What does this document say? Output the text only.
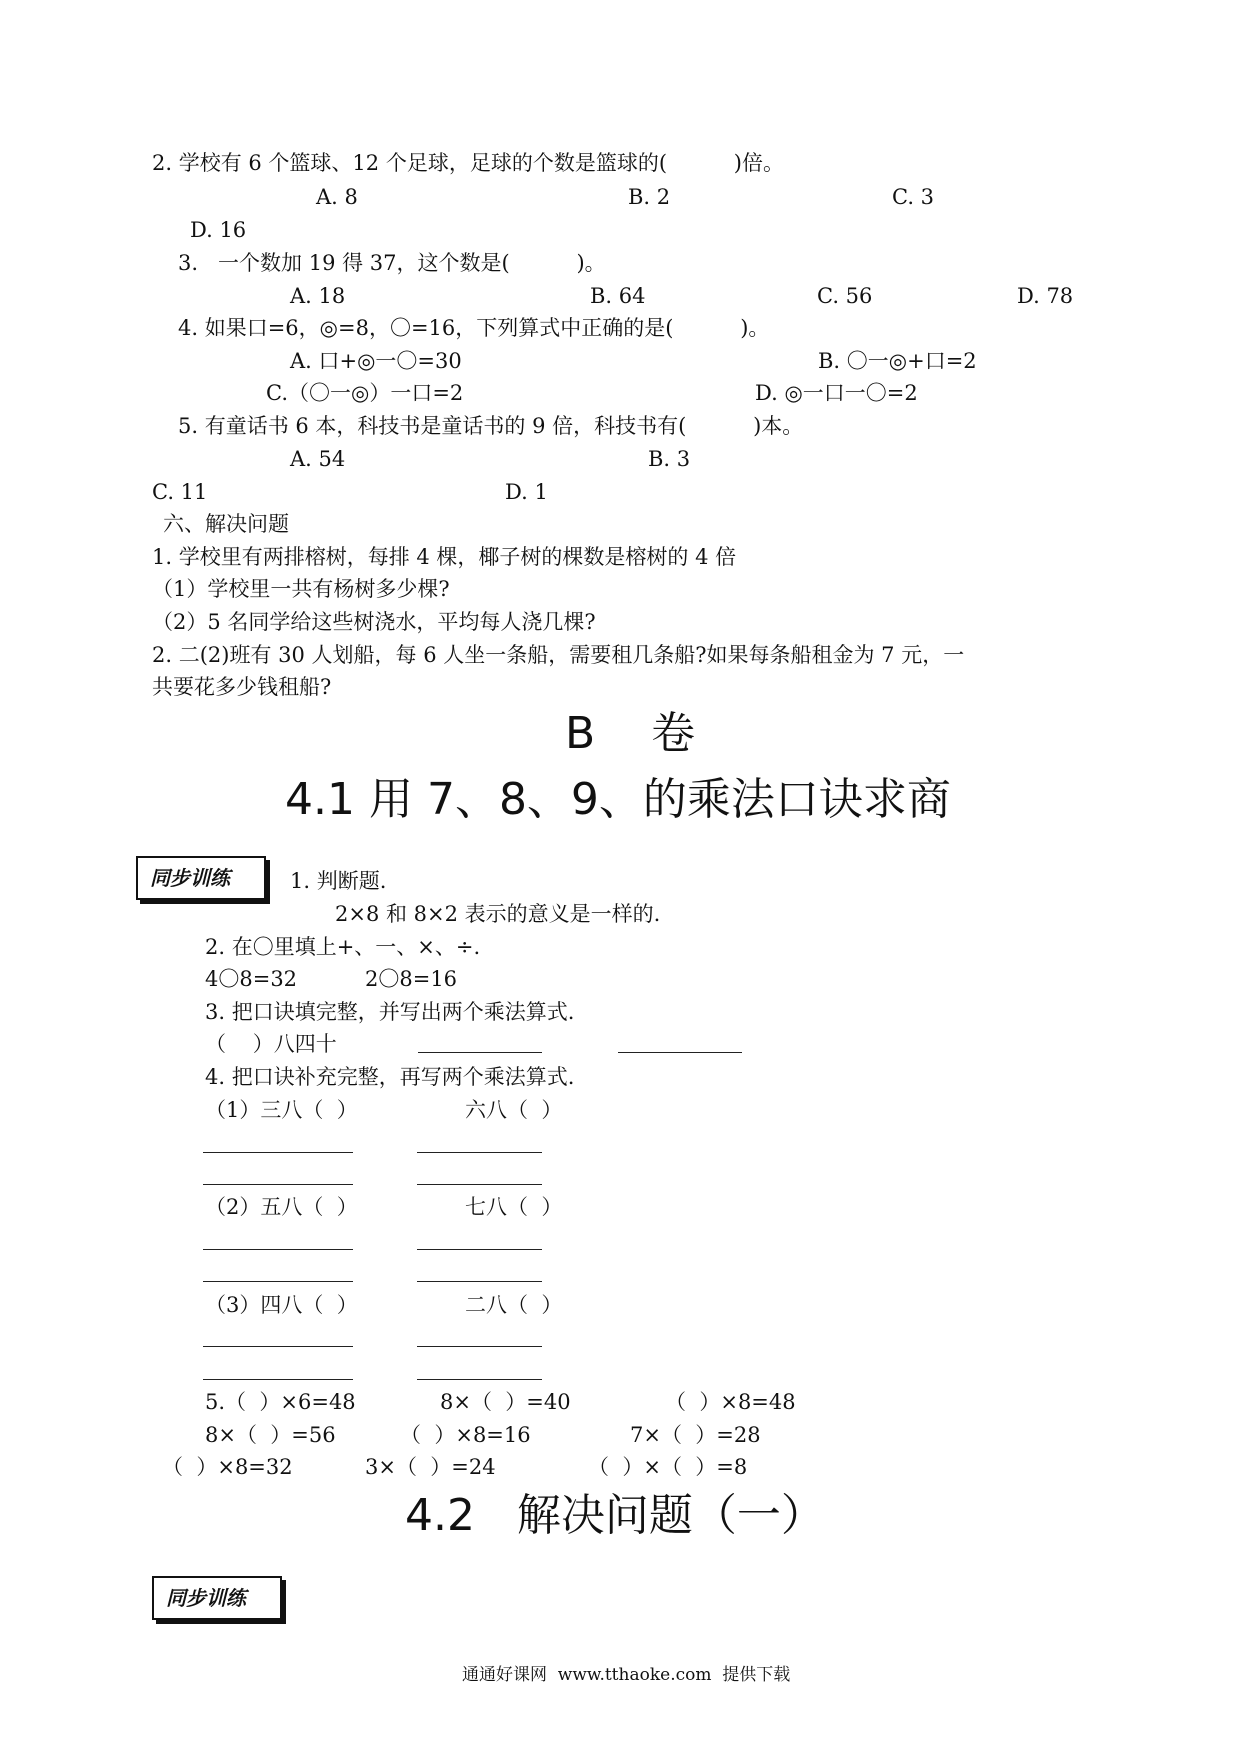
2. 学校有 6 个篮球、12 个足球，足球的个数是篮球的(          )倍。
A. 8	B. 2	C. 3
D. 16
3.   一个数加 19 得 37，这个数是(          )。
A. 18	B. 64	C. 56	D. 78
4. 如果口=6，◎=8，〇=16，下列算式中正确的是(          )。
A. 口+◎一〇=30	B. 〇一◎+口=2
C.（〇一◎）一口=2	D. ◎一口一〇=2
5. 有童话书 6 本，科技书是童话书的 9 倍，科技书有(          )本。
A. 54	B. 3
C. 11	D. 1
六、解决问题
1. 学校里有两排榕树，每排 4 棵，椰子树的棵数是榕树的 4 倍
（1）学校里一共有杨树多少棵?
（2）5 名同学给这些树浇水，平均每人浇几棵?
2. 二(2)班有 30 人划船，每 6 人坐一条船，需要租几条船?如果每条船租金为 7 元，一
共要花多少钱租船?
B    卷
4.1 用 7、8、9、的乘法口诀求商
同步训练	1. 判断题.
2×8 和 8×2 表示的意义是一样的.
2. 在〇里填上+、一、×、÷.
4〇8=32	2〇8=16
3. 把口诀填完整，并写出两个乘法算式.
（    ）八四十
4. 把口诀补充完整，再写两个乘法算式.
（1）三八（  ）	六八（  ）
（2）五八（  ）	七八（  ）
（3）四八（  ）	二八（  ）
5.（  ）×6=48	8×（  ）=40	（  ）×8=48
8×（  ）=56	（  ）×8=16	7×（  ）=28
（  ）×8=32	3×（  ）=24	（  ）×（  ）=8
4.2   解决问题（一）
同步训练
通通好课网  www.tthaoke.com  提供下载
